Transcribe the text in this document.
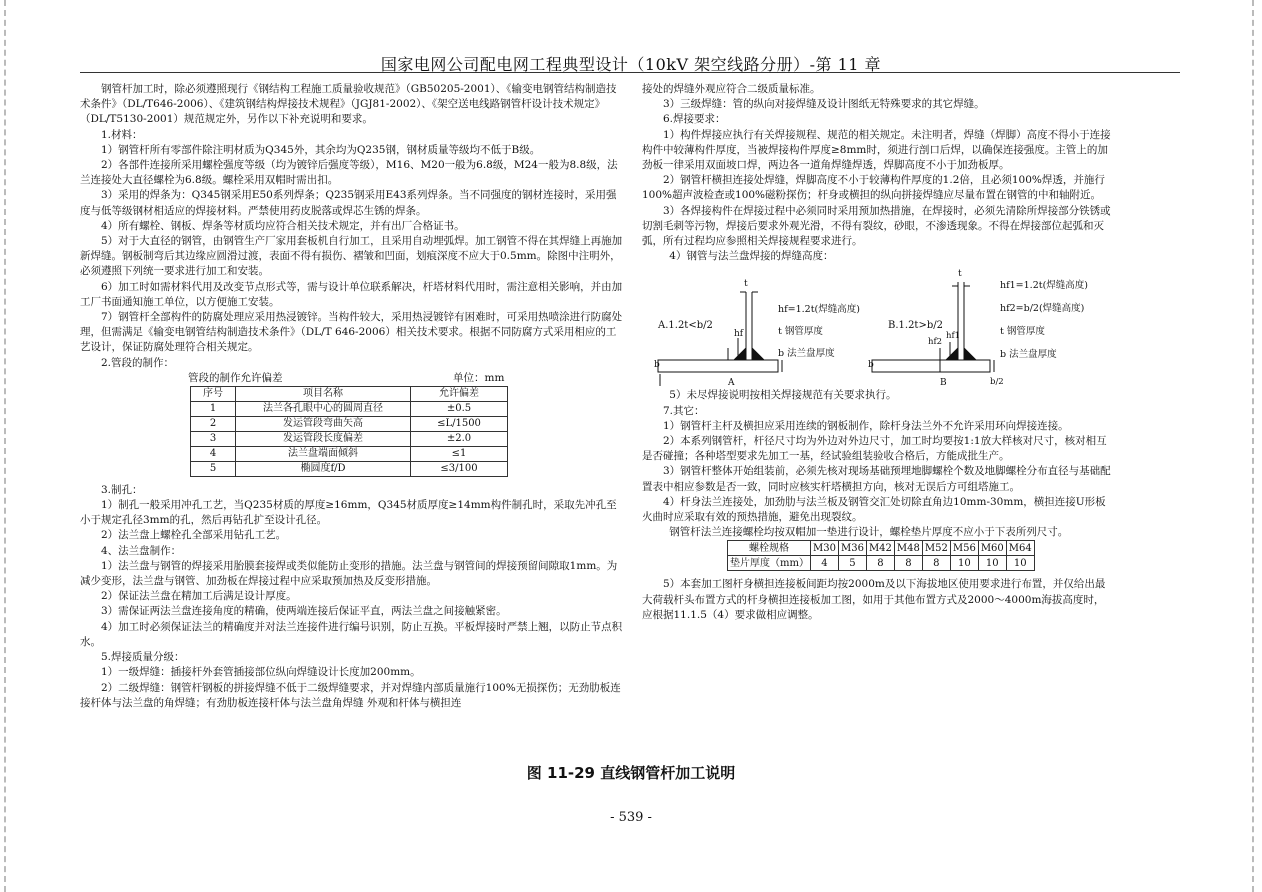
国家电网公司配电网工程典型设计（10kV 架空线路分册）-第 11 章

钢管杆加工时，除必须遵照现行《钢结构工程施工质量验收规范》（GB50205-2001）、《输变电钢管结构制造技术条件》（DL/T646-2006）、《建筑钢结构焊接技术规程》（JGJ81-2002）、《架空送电线路钢管杆设计技术规定》（DL/T5130-2001）规范规定外，另作以下补充说明和要求。

1.材料：

1）钢管杆所有零部件除注明材质为Q345外，其余均为Q235钢，钢材质量等级均不低于B级。

2）各部件连接所采用螺栓强度等级（均为镀锌后强度等级），M16、M20一般为6.8级，M24一般为8.8级，法兰连接处大直径螺栓为6.8级。螺栓采用双帽时需出扣。

3）采用的焊条为：Q345钢采用E50系列焊条；Q235钢采用E43系列焊条。当不同强度的钢材连接时，采用强度与低等级钢材相适应的焊接材料。严禁使用药皮脱落或焊芯生锈的焊条。

4）所有螺栓、钢板、焊条等材质均应符合相关技术规定，并有出厂合格证书。

5）对于大直径的钢管，由钢管生产厂家用套板机自行加工，且采用自动埋弧焊。加工钢管不得在其焊缝上再施加新焊缝。钢板制弯后其边缘应圆滑过渡，表面不得有损伤、褶皱和凹面，划痕深度不应大于0.5mm。除图中注明外，必须遵照下列统一要求进行加工和安装。

6）加工时如需材料代用及改变节点形式等，需与设计单位联系解决，杆塔材料代用时，需注意相关影响，并由加工厂书面通知施工单位，以方便施工安装。

7）钢管杆全部构件的防腐处理应采用热浸镀锌。当构件较大，采用热浸镀锌有困难时，可采用热喷涂进行防腐处理，但需满足《输变电钢管结构制造技术条件》（DL/T 646-2006）相关技术要求。根据不同防腐方式采用相应的工艺设计，保证防腐处理符合相关规定。

2.管段的制作：

管段的制作允许偏差	单位：mm
序号	项目名称	允许偏差
1	法兰各孔眼中心的圆周直径	±0.5
2	发运管段弯曲矢高	≤L/1500
3	发运管段长度偏差	±2.0
4	法兰盘端面倾斜	≤1
5	椭圆度f/D	≤3/100

3.制孔：

1）制孔一般采用冲孔工艺，当Q235材质的厚度≥16mm，Q345材质厚度≥14mm构件制孔时，采取先冲孔至小于规定孔径3mm的孔，然后再钻孔扩至设计孔径。

2）法兰盘上螺栓孔全部采用钻孔工艺。

4、法兰盘制作：

1）法兰盘与钢管的焊接采用胎膜套接焊或类似能防止变形的措施。法兰盘与钢管间的焊接预留间隙取1mm。为减少变形，法兰盘与钢管、加劲板在焊接过程中应采取预加热及反变形措施。

2）保证法兰盘在精加工后满足设计厚度。

3）需保证两法兰盘连接角度的精确，使两端连接后保证平直，两法兰盘之间接触紧密。

4）加工时必须保证法兰的精确度并对法兰连接件进行编号识别，防止互换。平板焊接时严禁上翘，以防止节点积水。

5.焊接质量分级：

1）一级焊缝：插接杆外套管插接部位纵向焊缝设计长度加200mm。

2）二级焊缝：钢管杆钢板的拼接焊缝不低于二级焊缝要求，并对焊缝内部质量施行100%无损探伤；无劲肋板连接杆体与法兰盘的角焊缝；有劲肋板连接杆体与法兰盘角焊缝 外观和杆体与横担连

接处的焊缝外观应符合二级质量标准。

3）三级焊缝：管的纵向对接焊缝及设计图纸无特殊要求的其它焊缝。

6.焊接要求：

1）构件焊接应执行有关焊接规程、规范的相关规定。未注明者，焊缝（焊脚）高度不得小于连接构件中较薄构件厚度，当被焊接构件厚度≥8mm时，须进行剖口后焊，以确保连接强度。主管上的加劲板一律采用双面坡口焊，两边各一道角焊缝焊透，焊脚高度不小于加劲板厚。

2）钢管杆横担连接处焊缝，焊脚高度不小于较薄构件厚度的1.2倍，且必须100%焊透，并施行100%超声波检查或100%磁粉探伤；杆身或横担的纵向拼接焊缝应尽量布置在钢管的中和轴附近。

3）各焊接构件在焊接过程中必须同时采用预加热措施，在焊接时，必须先清除所焊接部分铁锈或切割毛刺等污物，焊接后要求外观光滑，不得有裂纹，砂眼，不渗透现象。不得在焊接部位起弧和灭弧，所有过程均应参照相关焊接规程要求进行。

4）钢管与法兰盘焊接的焊缝高度：

A.1.2t<b/2
b
t
hf
A
hf=1.2t(焊缝高度)
t 钢管厚度
b 法兰盘厚度
B.1.2t>b/2
b
t
hf1
hf2
b/2
B
hf1=1.2t(焊缝高度)
hf2=b/2(焊缝高度)
t 钢管厚度
b 法兰盘厚度

5）未尽焊接说明按相关焊接规范有关要求执行。

7.其它：

1）钢管杆主杆及横担应采用连续的钢板制作，除杆身法兰外不允许采用环向焊接连接。

2）本系列钢管杆，杆径尺寸均为外边对外边尺寸，加工时均要按1:1放大样核对尺寸，核对相互是否碰撞；各种塔型要求先加工一基，经试验组装验收合格后，方能成批生产。

3）钢管杆整体开始组装前，必须先核对现场基础预埋地脚螺栓个数及地脚螺栓分布直径与基础配置表中相应参数是否一致，同时应核实杆塔横担方向，核对无误后方可组塔施工。

4）杆身法兰连接处，加劲肋与法兰板及钢管交汇处切除直角边10mm-30mm，横担连接U形板火曲时应采取有效的预热措施，避免出现裂纹。

钢管杆法兰连接螺栓均按双帽加一垫进行设计，螺栓垫片厚度不应小于下表所列尺寸。

螺栓规格	M30	M36	M42	M48	M52	M56	M60	M64
垫片厚度（mm）	4	5	8	8	8	10	10	10

5）本套加工图杆身横担连接板间距均按2000m及以下海拔地区使用要求进行布置，并仅给出最大荷载杆头布置方式的杆身横担连接板加工图，如用于其他布置方式及2000～4000m海拔高度时，应根据11.1.5（4）要求做相应调整。

图 11-29 直线钢管杆加工说明
- 539 -
